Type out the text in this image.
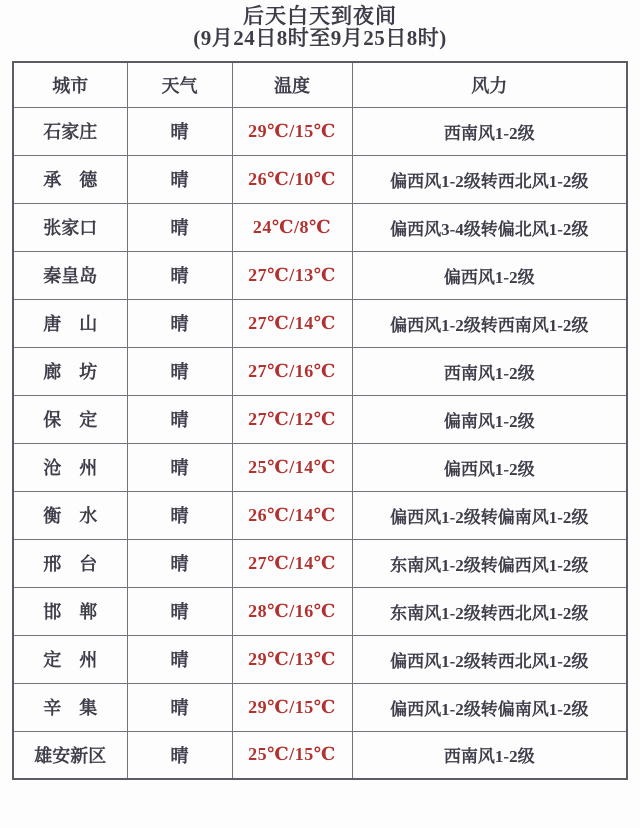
后天白天到夜间
(9月24日8时至9月25日8时)
城市	天气	温度	风力
石家庄	晴	29℃/15℃	西南风1-2级
承　德	晴	26℃/10℃	偏西风1-2级转西北风1-2级
张家口	晴	24℃/8℃	偏西风3-4级转偏北风1-2级
秦皇岛	晴	27℃/13℃	偏西风1-2级
唐　山	晴	27℃/14℃	偏西风1-2级转西南风1-2级
廊　坊	晴	27℃/16℃	西南风1-2级
保　定	晴	27℃/12℃	偏南风1-2级
沧　州	晴	25℃/14℃	偏西风1-2级
衡　水	晴	26℃/14℃	偏西风1-2级转偏南风1-2级
邢　台	晴	27℃/14℃	东南风1-2级转偏西风1-2级
邯　郸	晴	28℃/16℃	东南风1-2级转西北风1-2级
定　州	晴	29℃/13℃	偏西风1-2级转西北风1-2级
辛　集	晴	29℃/15℃	偏西风1-2级转偏南风1-2级
雄安新区	晴	25℃/15℃	西南风1-2级
